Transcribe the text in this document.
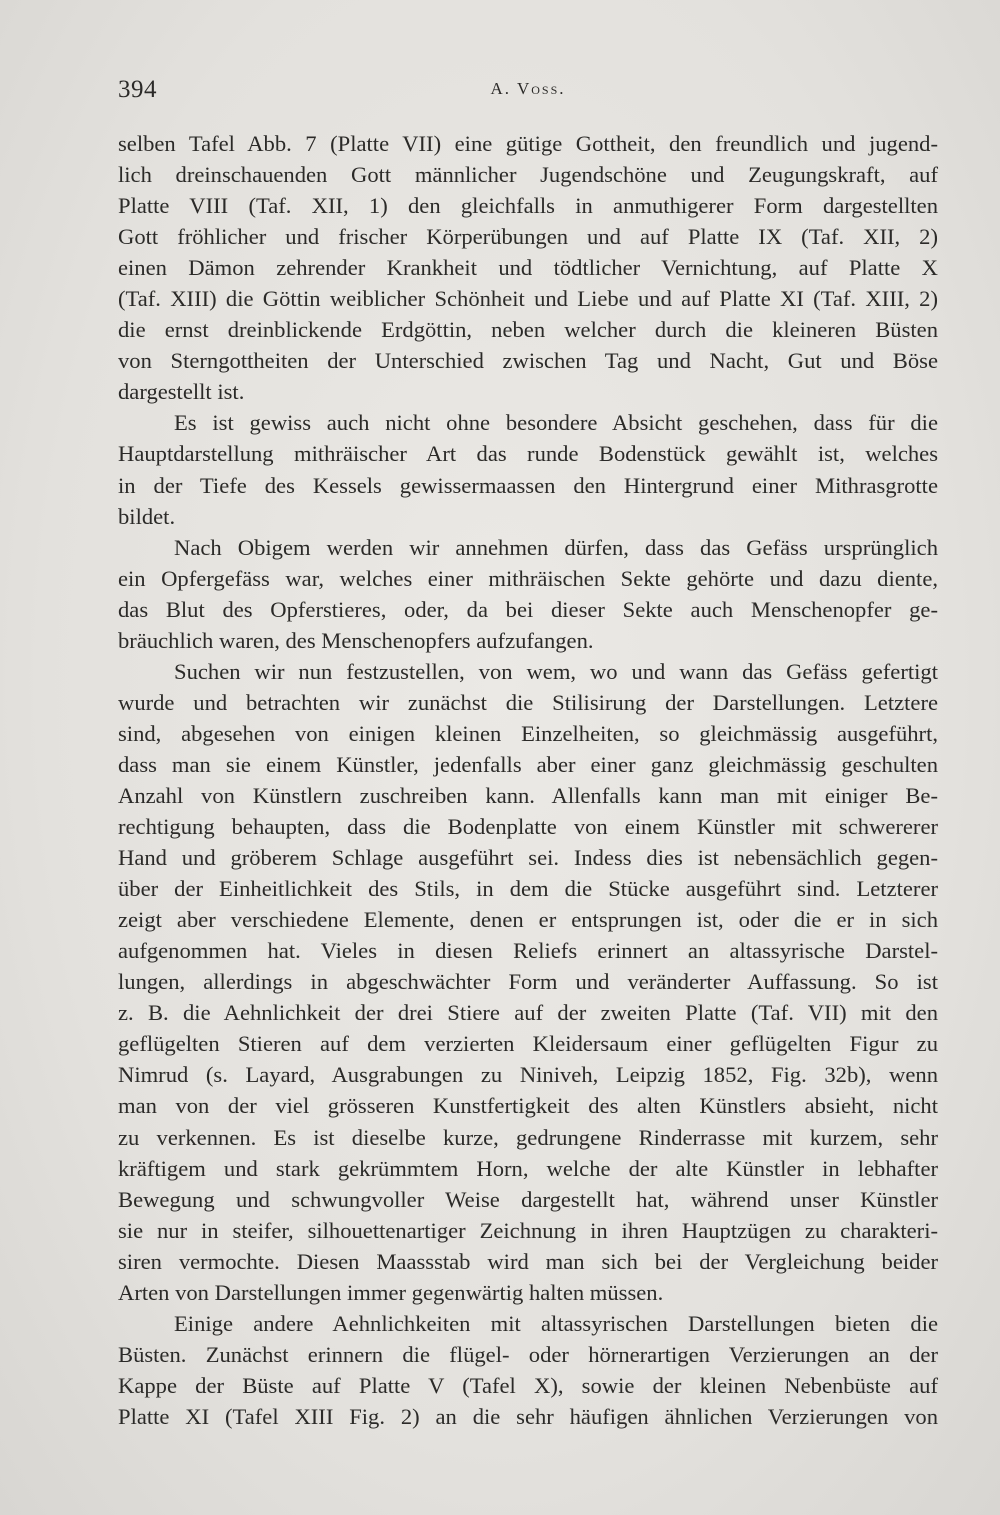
394	A. Voss.
selben Tafel Abb. 7 (Platte VII) eine gütige Gottheit, den freundlich und jugend-
lich dreinschauenden Gott männlicher Jugendschöne und Zeugungskraft, auf
Platte VIII (Taf. XII, 1) den gleichfalls in anmuthigerer Form dargestellten
Gott fröhlicher und frischer Körperübungen und auf Platte IX (Taf. XII, 2)
einen Dämon zehrender Krankheit und tödtlicher Vernichtung, auf Platte X
(Taf. XIII) die Göttin weiblicher Schönheit und Liebe und auf Platte XI (Taf. XIII, 2)
die ernst dreinblickende Erdgöttin, neben welcher durch die kleineren Büsten
von Sterngottheiten der Unterschied zwischen Tag und Nacht, Gut und Böse
dargestellt ist.
Es ist gewiss auch nicht ohne besondere Absicht geschehen, dass für die
Hauptdarstellung mithräischer Art das runde Bodenstück gewählt ist, welches
in der Tiefe des Kessels gewissermaassen den Hintergrund einer Mithrasgrotte
bildet.
Nach Obigem werden wir annehmen dürfen, dass das Gefäss ursprünglich
ein Opfergefäss war, welches einer mithräischen Sekte gehörte und dazu diente,
das Blut des Opferstieres, oder, da bei dieser Sekte auch Menschenopfer ge-
bräuchlich waren, des Menschenopfers aufzufangen.
Suchen wir nun festzustellen, von wem, wo und wann das Gefäss gefertigt
wurde und betrachten wir zunächst die Stilisirung der Darstellungen. Letztere
sind, abgesehen von einigen kleinen Einzelheiten, so gleichmässig ausgeführt,
dass man sie einem Künstler, jedenfalls aber einer ganz gleichmässig geschulten
Anzahl von Künstlern zuschreiben kann. Allenfalls kann man mit einiger Be-
rechtigung behaupten, dass die Bodenplatte von einem Künstler mit schwererer
Hand und gröberem Schlage ausgeführt sei. Indess dies ist nebensächlich gegen-
über der Einheitlichkeit des Stils, in dem die Stücke ausgeführt sind. Letzterer
zeigt aber verschiedene Elemente, denen er entsprungen ist, oder die er in sich
aufgenommen hat. Vieles in diesen Reliefs erinnert an altassyrische Darstel-
lungen, allerdings in abgeschwächter Form und veränderter Auffassung. So ist
z. B. die Aehnlichkeit der drei Stiere auf der zweiten Platte (Taf. VII) mit den
geflügelten Stieren auf dem verzierten Kleidersaum einer geflügelten Figur zu
Nimrud (s. Layard, Ausgrabungen zu Niniveh, Leipzig 1852, Fig. 32b), wenn
man von der viel grösseren Kunstfertigkeit des alten Künstlers absieht, nicht
zu verkennen. Es ist dieselbe kurze, gedrungene Rinderrasse mit kurzem, sehr
kräftigem und stark gekrümmtem Horn, welche der alte Künstler in lebhafter
Bewegung und schwungvoller Weise dargestellt hat, während unser Künstler
sie nur in steifer, silhouettenartiger Zeichnung in ihren Hauptzügen zu charakteri-
siren vermochte. Diesen Maassstab wird man sich bei der Vergleichung beider
Arten von Darstellungen immer gegenwärtig halten müssen.
Einige andere Aehnlichkeiten mit altassyrischen Darstellungen bieten die
Büsten. Zunächst erinnern die flügel- oder hörnerartigen Verzierungen an der
Kappe der Büste auf Platte V (Tafel X), sowie der kleinen Nebenbüste auf
Platte XI (Tafel XIII Fig. 2) an die sehr häufigen ähnlichen Verzierungen von
